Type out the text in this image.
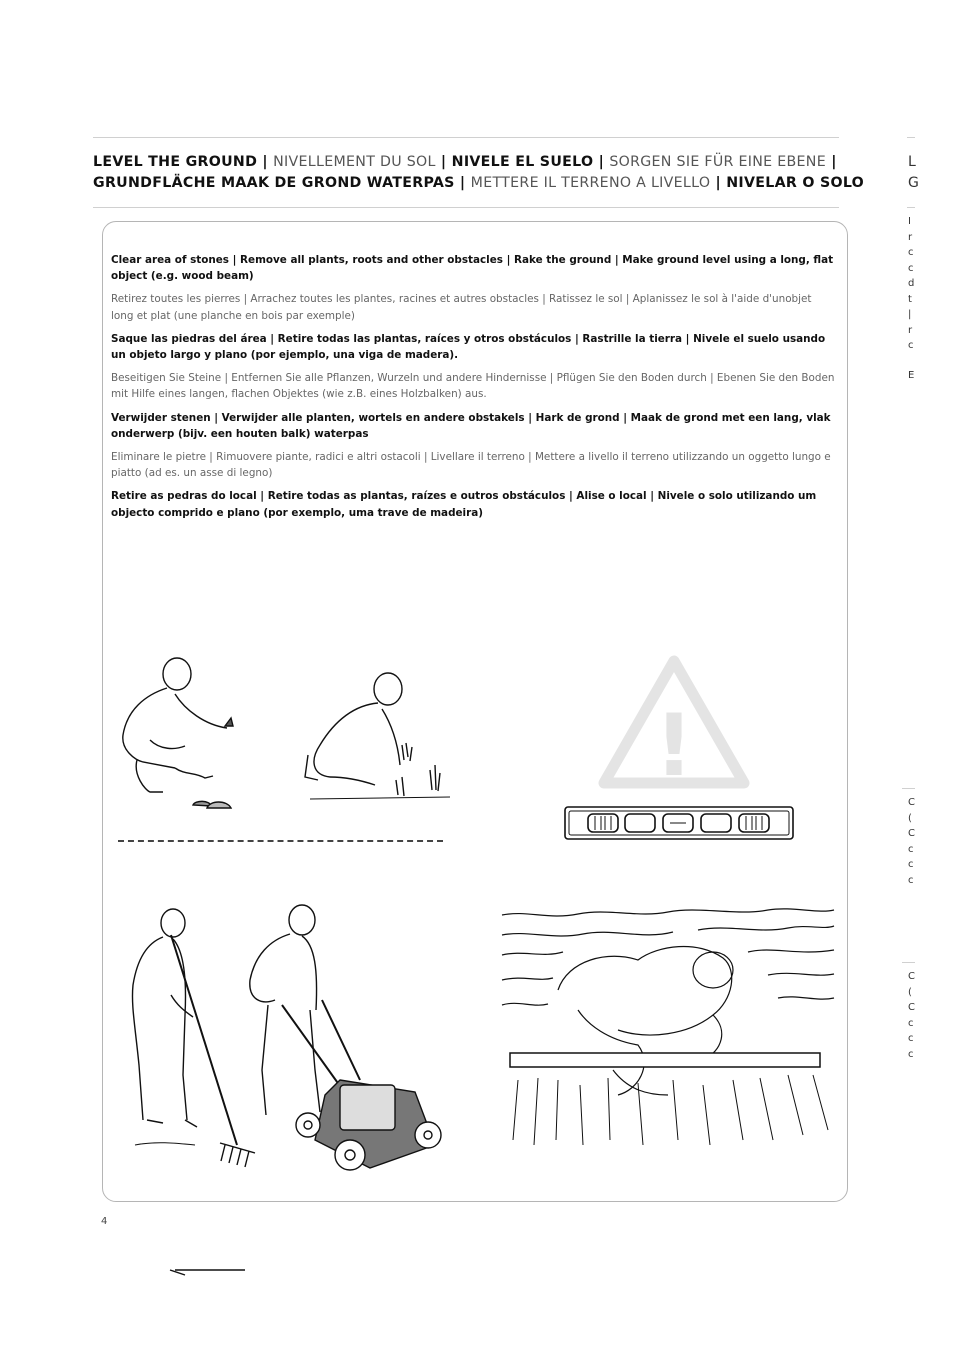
LEVEL THE GROUND | NIVELLEMENT DU SOL | NIVELE EL SUELO | SORGEN SIE FÜR EINE EBENE |
GRUNDFLÄCHE MAAK DE GROND WATERPAS | METTERE IL TERRENO A LIVELLO | NIVELAR O SOLO

Clear area of stones | Remove all plants, roots and other obstacles | Rake the ground | Make ground level using a long, flat object (e.g. wood beam)

Retirez toutes les pierres | Arrachez toutes les plantes, racines et autres obstacles | Ratissez le sol | Aplanissez le sol à l'aide d'unobjet long et plat (une planche en bois par exemple)

Saque las piedras del área | Retire todas las plantas, raíces y otros obstáculos | Rastrille la tierra | Nivele el suelo usando un objeto largo y plano (por ejemplo, una viga de madera).

Beseitigen Sie Steine | Entfernen Sie alle Pflanzen, Wurzeln und andere Hindernisse | Pflügen Sie den Boden durch | Ebenen Sie den Boden mit Hilfe eines langen, flachen Objektes (wie z.B. eines Holzbalken) aus.

Verwijder stenen | Verwijder alle planten, wortels en andere obstakels | Hark de grond | Maak de grond met een lang, vlak onderwerp (bijv. een houten balk) waterpas

Eliminare le pietre | Rimuovere piante, radici e altri ostacoli | Livellare il terreno | Mettere a livello il terreno utilizzando un oggetto lungo e piatto (ad es. un asse di legno)

Retire as pedras do local | Retire todas as plantas, raízes e outros obstáculos | Alise o local | Nivele o solo utilizando um objecto comprido e plano (por exemplo, uma trave de madeira)

!
4
L
G
I
r
c
c
d
t
|
r
c
E
C
(
C
c
c
c
C
(
C
c
c
c
